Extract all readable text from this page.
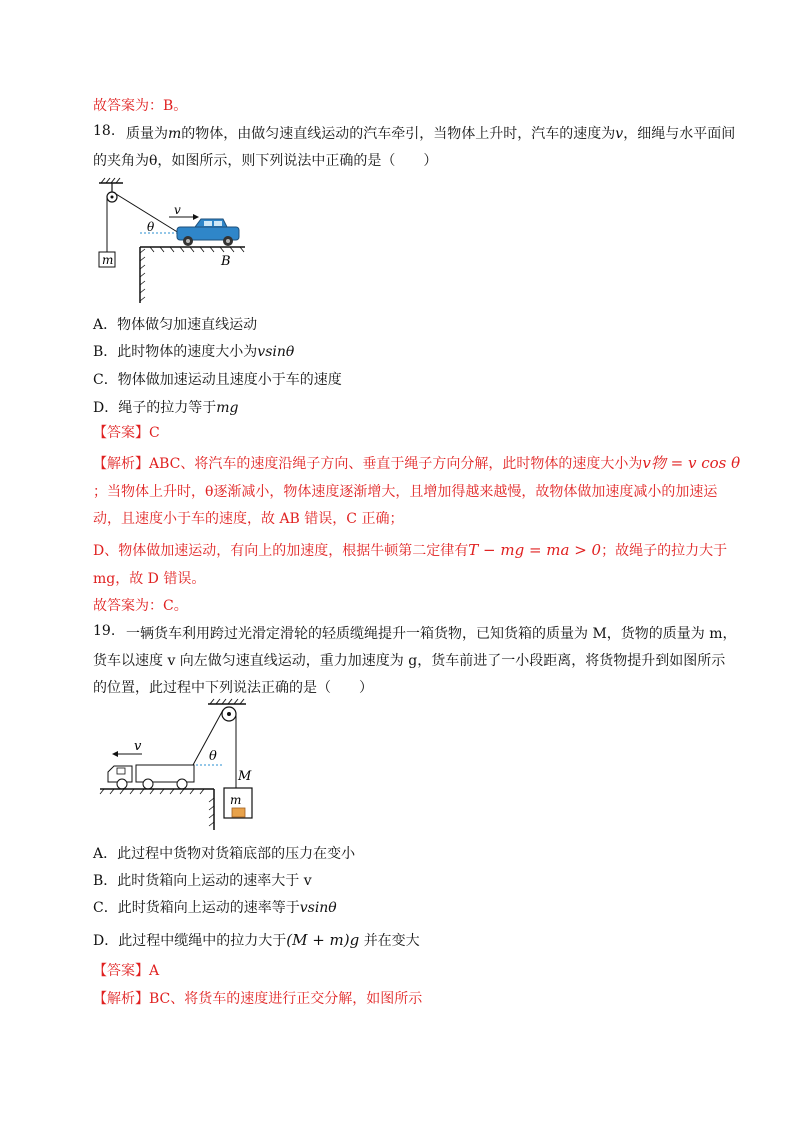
故答案为：B。
18. 质量为m的物体，由做匀速直线运动的汽车牵引，当物体上升时，汽车的速度为v，细绳与水平面间
的夹角为θ，如图所示，则下列说法中正确的是（　　）
m
θ
v
B
A．物体做匀加速直线运动
B．此时物体的速度大小为vsinθ
C．物体做加速运动且速度小于车的速度
D．绳子的拉力等于mg
【答案】C
【解析】ABC、将汽车的速度沿绳子方向、垂直于绳子方向分解，此时物体的速度大小为v物 = v cos θ
；当物体上升时，θ逐渐减小，物体速度逐渐增大，且增加得越来越慢，故物体做加速度减小的加速运
动，且速度小于车的速度，故 AB 错误，C 正确；
D、物体做加速运动，有向上的加速度，根据牛顿第二定律有T − mg = ma > 0；故绳子的拉力大于
mg，故 D 错误。
故答案为：C。
19. 一辆货车利用跨过光滑定滑轮的轻质缆绳提升一箱货物，已知货箱的质量为 M，货物的质量为 m，
货车以速度 v 向左做匀速直线运动，重力加速度为 g，货车前进了一小段距离，将货物提升到如图所示
的位置，此过程中下列说法正确的是（　　）
θ
v
M
m
A．此过程中货物对货箱底部的压力在变小
B．此时货箱向上运动的速率大于 v
C．此时货箱向上运动的速率等于vsinθ
D．此过程中缆绳中的拉力大于(M + m)g 并在变大
【答案】A
【解析】BC、将货车的速度进行正交分解，如图所示
